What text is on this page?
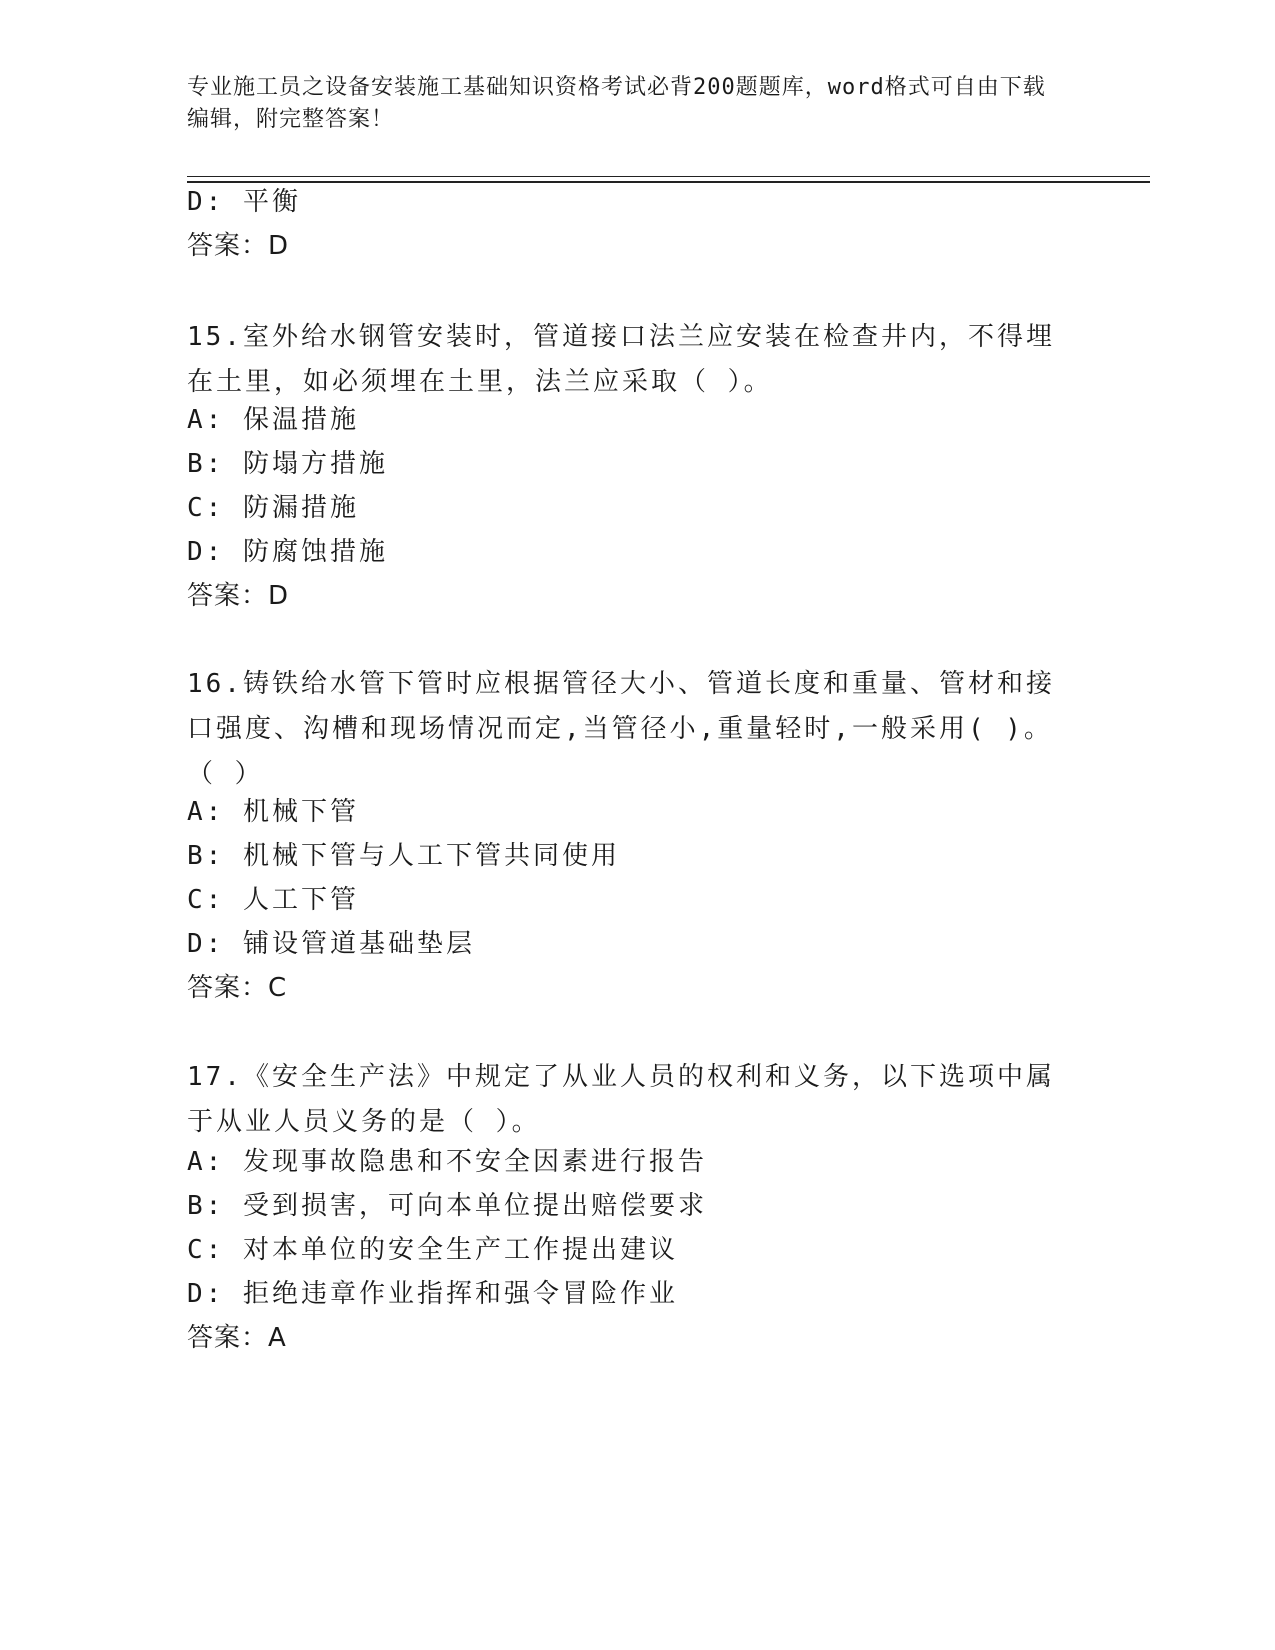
专业施工员之设备安装施工基础知识资格考试必背200题题库，word格式可自由下载编辑，附完整答案！
D: 平衡
答案：D
15.室外给水钢管安装时，管道接口法兰应安装在检查井内，不得埋在土里，如必须埋在土里，法兰应采取（ ）。
A: 保温措施
B: 防塌方措施
C: 防漏措施
D: 防腐蚀措施
答案：D
16.铸铁给水管下管时应根据管径大小、管道长度和重量、管材和接口强度、沟槽和现场情况而定,当管径小,重量轻时,一般采用( )。（ ）
A: 机械下管
B: 机械下管与人工下管共同使用
C: 人工下管
D: 铺设管道基础垫层
答案：C
17.《安全生产法》中规定了从业人员的权利和义务，以下选项中属于从业人员义务的是（ ）。
A: 发现事故隐患和不安全因素进行报告
B: 受到损害，可向本单位提出赔偿要求
C: 对本单位的安全生产工作提出建议
D: 拒绝违章作业指挥和强令冒险作业
答案：A
